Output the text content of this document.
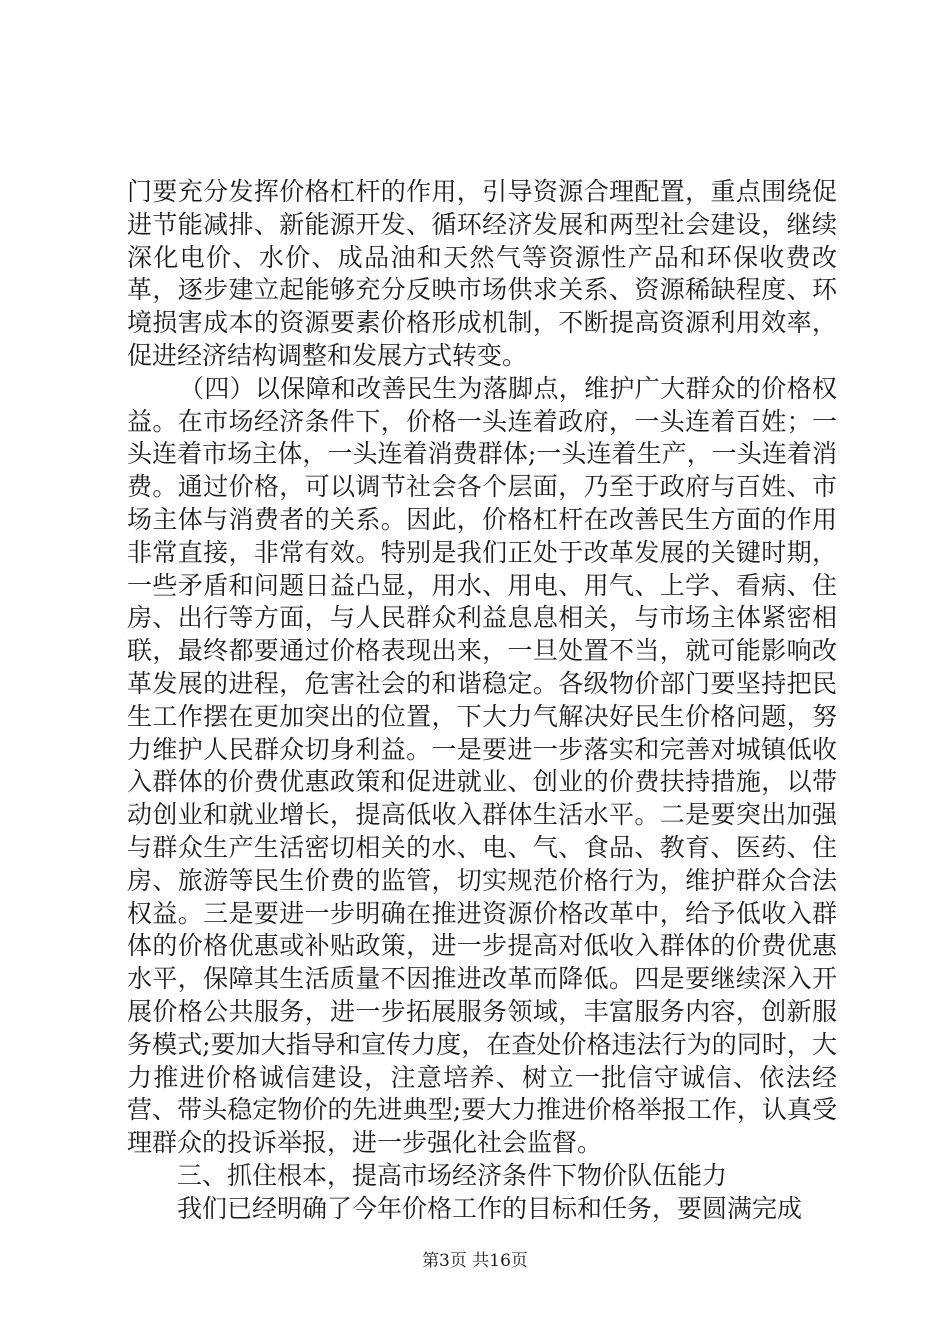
门要充分发挥价格杠杆的作用，引导资源合理配置，重点围绕促进节能减排、新能源开发、循环经济发展和两型社会建设，继续深化电价、水价、成品油和天然气等资源性产品和环保收费改革，逐步建立起能够充分反映市场供求关系、资源稀缺程度、环境损害成本的资源要素价格形成机制，不断提高资源利用效率，促进经济结构调整和发展方式转变。

（四）以保障和改善民生为落脚点，维护广大群众的价格权益。在市场经济条件下，价格一头连着政府，一头连着百姓；一头连着市场主体，一头连着消费群体;一头连着生产，一头连着消费。通过价格，可以调节社会各个层面，乃至于政府与百姓、市场主体与消费者的关系。因此，价格杠杆在改善民生方面的作用非常直接，非常有效。特别是我们正处于改革发展的关键时期，一些矛盾和问题日益凸显，用水、用电、用气、上学、看病、住房、出行等方面，与人民群众利益息息相关，与市场主体紧密相联，最终都要通过价格表现出来，一旦处置不当，就可能影响改革发展的进程，危害社会的和谐稳定。各级物价部门要坚持把民生工作摆在更加突出的位置，下大力气解决好民生价格问题，努力维护人民群众切身利益。一是要进一步落实和完善对城镇低收入群体的价费优惠政策和促进就业、创业的价费扶持措施，以带动创业和就业增长，提高低收入群体生活水平。二是要突出加强与群众生产生活密切相关的水、电、气、食品、教育、医药、住房、旅游等民生价费的监管，切实规范价格行为，维护群众合法权益。三是要进一步明确在推进资源价格改革中，给予低收入群体的价格优惠或补贴政策，进一步提高对低收入群体的价费优惠水平，保障其生活质量不因推进改革而降低。四是要继续深入开展价格公共服务，进一步拓展服务领域，丰富服务内容，创新服务模式;要加大指导和宣传力度，在查处价格违法行为的同时，大力推进价格诚信建设，注意培养、树立一批信守诚信、依法经营、带头稳定物价的先进典型;要大力推进价格举报工作，认真受理群众的投诉举报，进一步强化社会监督。

三、抓住根本，提高市场经济条件下物价队伍能力

我们已经明确了今年价格工作的目标和任务，要圆满完成

第3页 共16页
